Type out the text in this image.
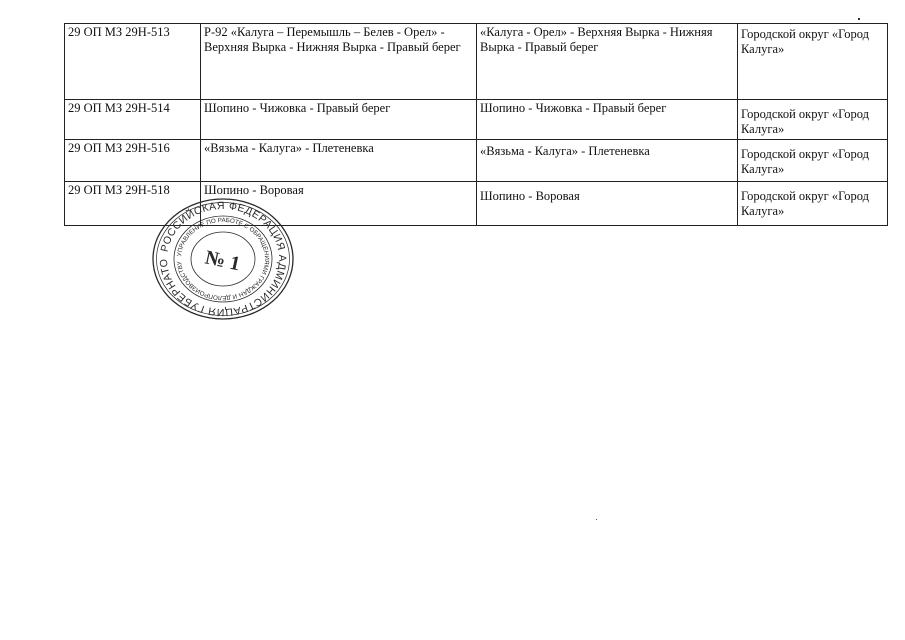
29 ОП МЗ 29Н-513	Р-92 «Калуга – Перемышль – Белев - Орел» - Верхняя Вырка - Нижняя Вырка - Правый берег	«Калуга - Орел» - Верхняя Вырка - Нижняя Вырка - Правый берег	Городской округ «Город Калуга»

29 ОП МЗ 29Н-514	Шопино - Чижовка - Правый берег	Шопино - Чижовка - Правый берег	Городской округ «Город Калуга»

29 ОП МЗ 29Н-516	«Вязьма - Калуга» - Плетеневка	«Вязьма - Калуга» - Плетеневка	Городской округ «Город Калуга»

29 ОП МЗ 29Н-518	Шопино - Воровая	Шопино - Воровая	Городской округ «Город Калуга»
РОССИЙСКАЯ ФЕДЕРАЦИЯ АДМИНИСТРАЦИЯ ГУБЕРНАТО
УПРАВЛЕНИЕ ПО РАБОТЕ С ОБРАЩЕНИЯМИ ГРАЖДАН И ДЕЛОПРОИЗВОДСТВУ № 1
